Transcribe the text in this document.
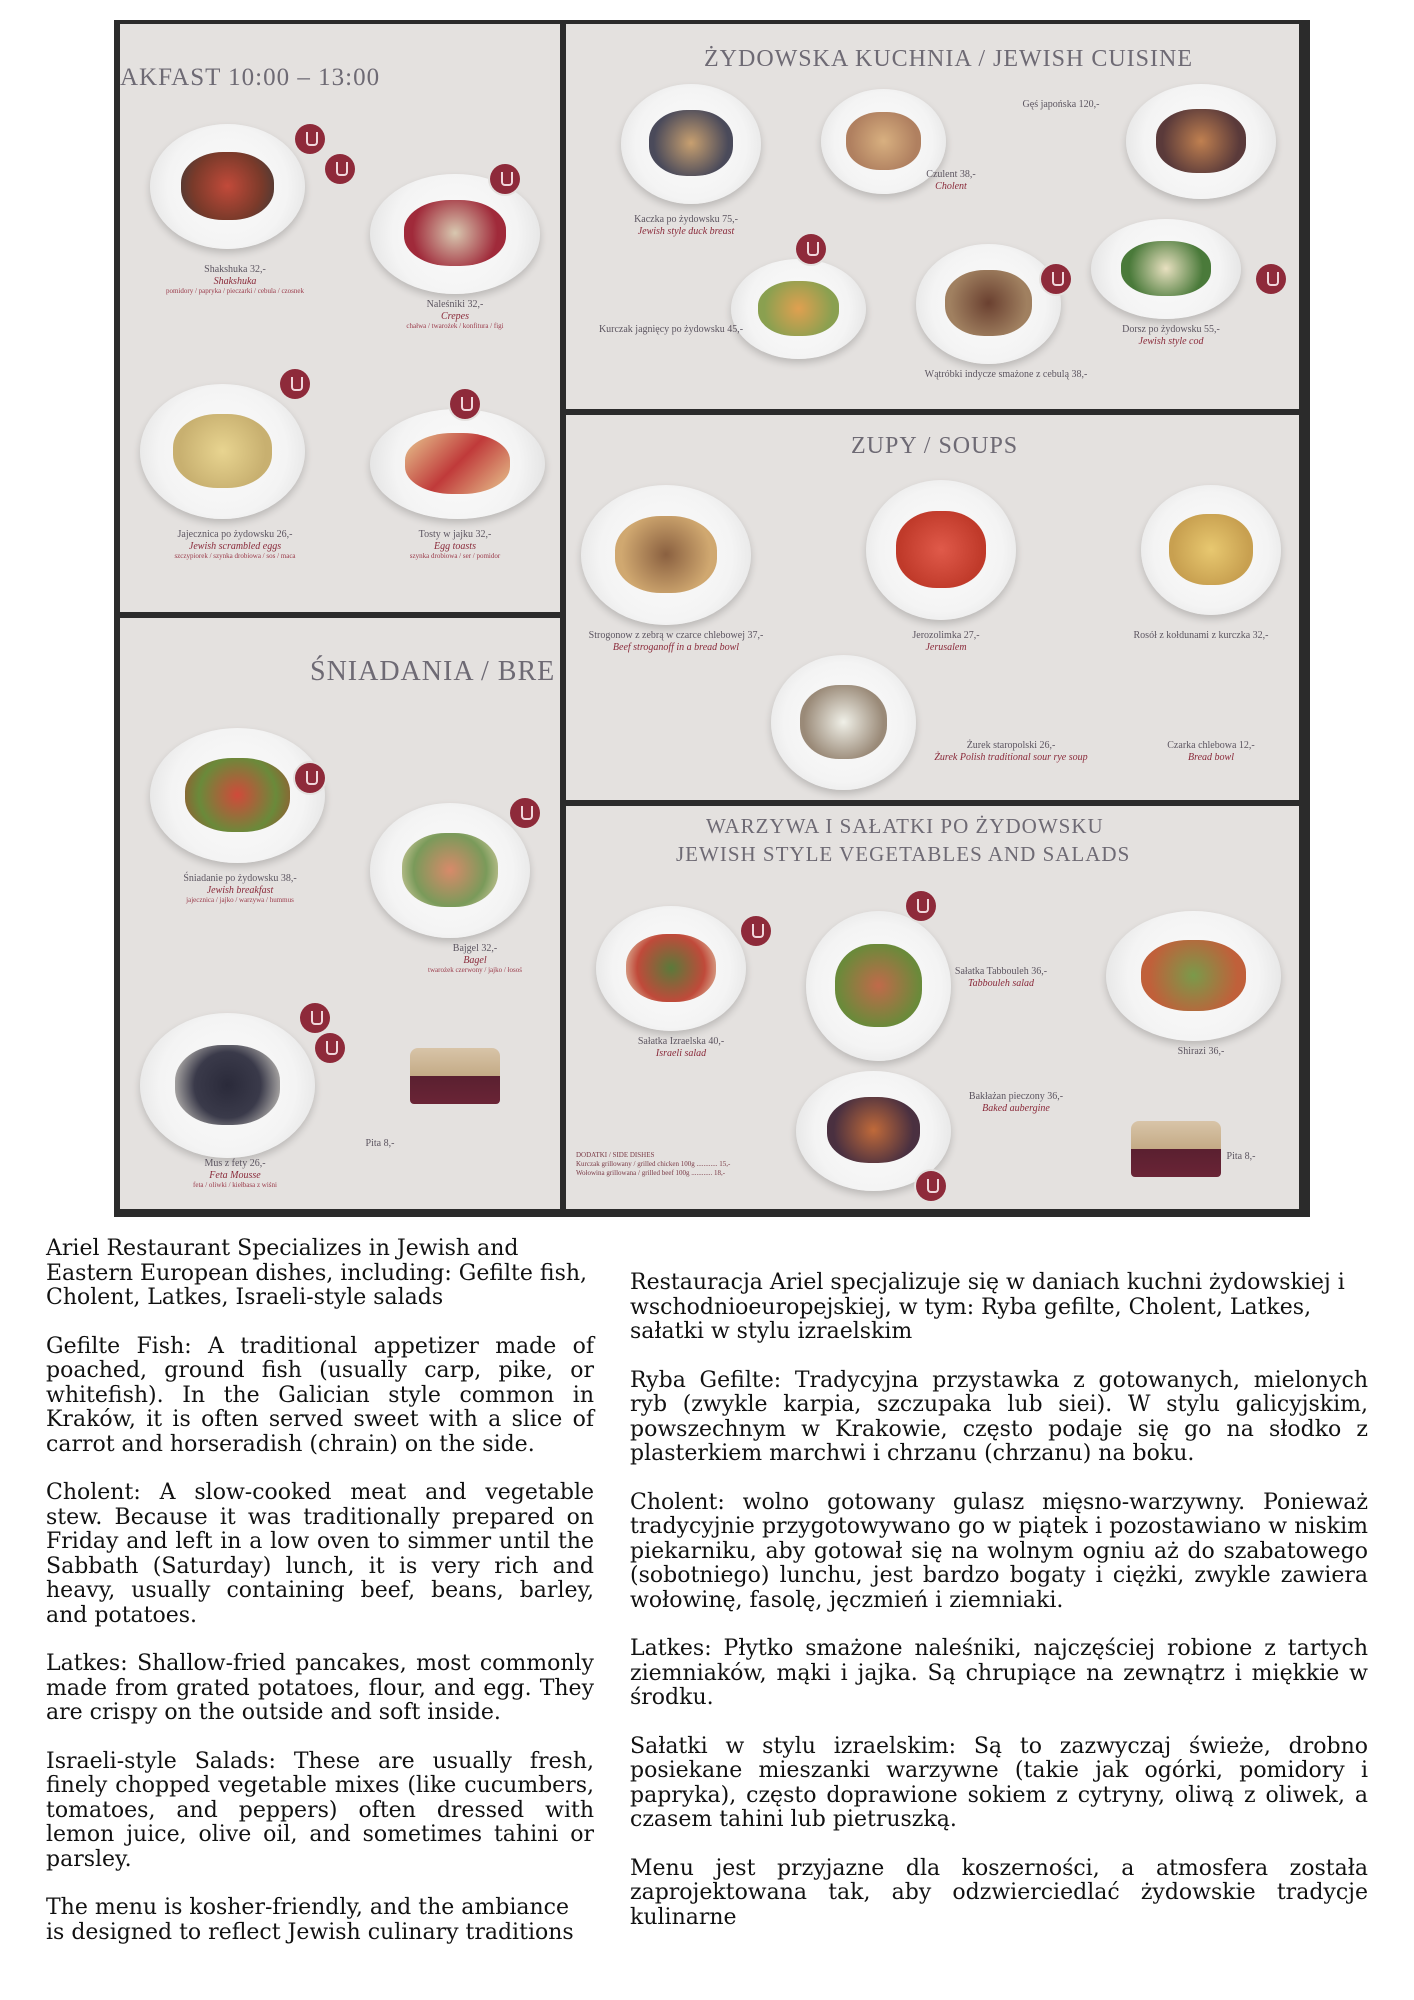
AKFAST 10:00 – 13:00
Shakshuka 32,-
Shakshuka
pomidory / papryka / pieczarki / cebula / czosnek
Naleśniki 32,-
Crepes
chałwa / twarożek / konfitura / figi
Jajecznica po żydowsku 26,-
Jewish scrambled eggs
szczypiorek / szynka drobiowa / sos / maca
Tosty w jajku 32,-
Egg toasts
szynka drobiowa / ser / pomidor
ŚNIADANIA / BRE
Śniadanie po żydowsku 38,-
Jewish breakfast
jajecznica / jajko / warzywa / hummus
Bajgel 32,-
Bagel
twarożek czerwony / jajko / łosoś
Mus z fety 26,-
Feta Mousse
feta / oliwki / kiełbasa z wiśni
Pita 8,-
ŻYDOWSKA KUCHNIA / JEWISH CUISINE
Kaczka po żydowsku 75,-
Jewish style duck breast
Czulent 38,-
Cholent
Gęś japońska 120,-
Kurczak jagnięcy po żydowsku 45,-
Wątróbki indycze smażone z cebulą 38,-
Dorsz po żydowsku 55,-
Jewish style cod
ZUPY / SOUPS
Strogonow z zebrą w czarce chlebowej 37,-
Beef stroganoff in a bread bowl
Jerozolimka 27,-
Jerusalem
Rosół z kołdunami z kurczka 32,-
Żurek staropolski 26,-
Żurek Polish traditional sour rye soup
Czarka chlebowa 12,-
Bread bowl
WARZYWA I SAŁATKI PO ŻYDOWSKU
JEWISH STYLE VEGETABLES AND SALADS
Sałatka Izraelska 40,-
Israeli salad
Sałatka Tabbouleh 36,-
Tabbouleh salad
Shirazi 36,-
Bakłażan pieczony 36,-
Baked aubergine
Pita 8,-
DODATKI / SIDE DISHES
Kurczak grillowany / grilled chicken 100g ............ 15,-
Wołowina grillowana / grilled beef 100g ............ 18,-

Ariel Restaurant Specializes in Jewish and Eastern European dishes, including: Gefilte fish, Cholent, Latkes, Israeli-style salads

Gefilte Fish: A traditional appetizer made of poached, ground fish (usually carp, pike, or whitefish). In the Galician style common in Kraków, it is often served sweet with a slice of carrot and horseradish (chrain) on the side.

Cholent: A slow-cooked meat and vegetable stew. Because it was traditionally prepared on Friday and left in a low oven to simmer until the Sabbath (Saturday) lunch, it is very rich and heavy, usually containing beef, beans, barley, and potatoes.

Latkes: Shallow-fried pancakes, most commonly made from grated potatoes, flour, and egg. They are crispy on the outside and soft inside.

Israeli-style Salads: These are usually fresh, finely chopped vegetable mixes (like cucumbers, tomatoes, and peppers) often dressed with lemon juice, olive oil, and sometimes tahini or parsley.

The menu is kosher-friendly, and the ambiance is designed to reflect Jewish culinary traditions

Restauracja Ariel specjalizuje się w daniach kuchni żydowskiej i wschodnioeuropejskiej, w tym: Ryba gefilte, Cholent, Latkes, sałatki w stylu izraelskim

Ryba Gefilte: Tradycyjna przystawka z gotowanych, mielonych ryb (zwykle karpia, szczupaka lub siei). W stylu galicyjskim, powszechnym w Krakowie, często podaje się go na słodko z plasterkiem marchwi i chrzanu (chrzanu) na boku.

Cholent: wolno gotowany gulasz mięsno-warzywny. Ponieważ tradycyjnie przygotowywano go w piątek i pozostawiano w niskim piekarniku, aby gotował się na wolnym ogniu aż do szabatowego (sobotniego) lunchu, jest bardzo bogaty i ciężki, zwykle zawiera wołowinę, fasolę, jęczmień i ziemniaki.

Latkes: Płytko smażone naleśniki, najczęściej robione z tartych ziemniaków, mąki i jajka. Są chrupiące na zewnątrz i miękkie w środku.

Sałatki w stylu izraelskim: Są to zazwyczaj świeże, drobno posiekane mieszanki warzywne (takie jak ogórki, pomidory i papryka), często doprawione sokiem z cytryny, oliwą z oliwek, a czasem tahini lub pietruszką.

Menu jest przyjazne dla koszerności, a atmosfera została zaprojektowana tak, aby odzwierciedlać żydowskie tradycje kulinarne
